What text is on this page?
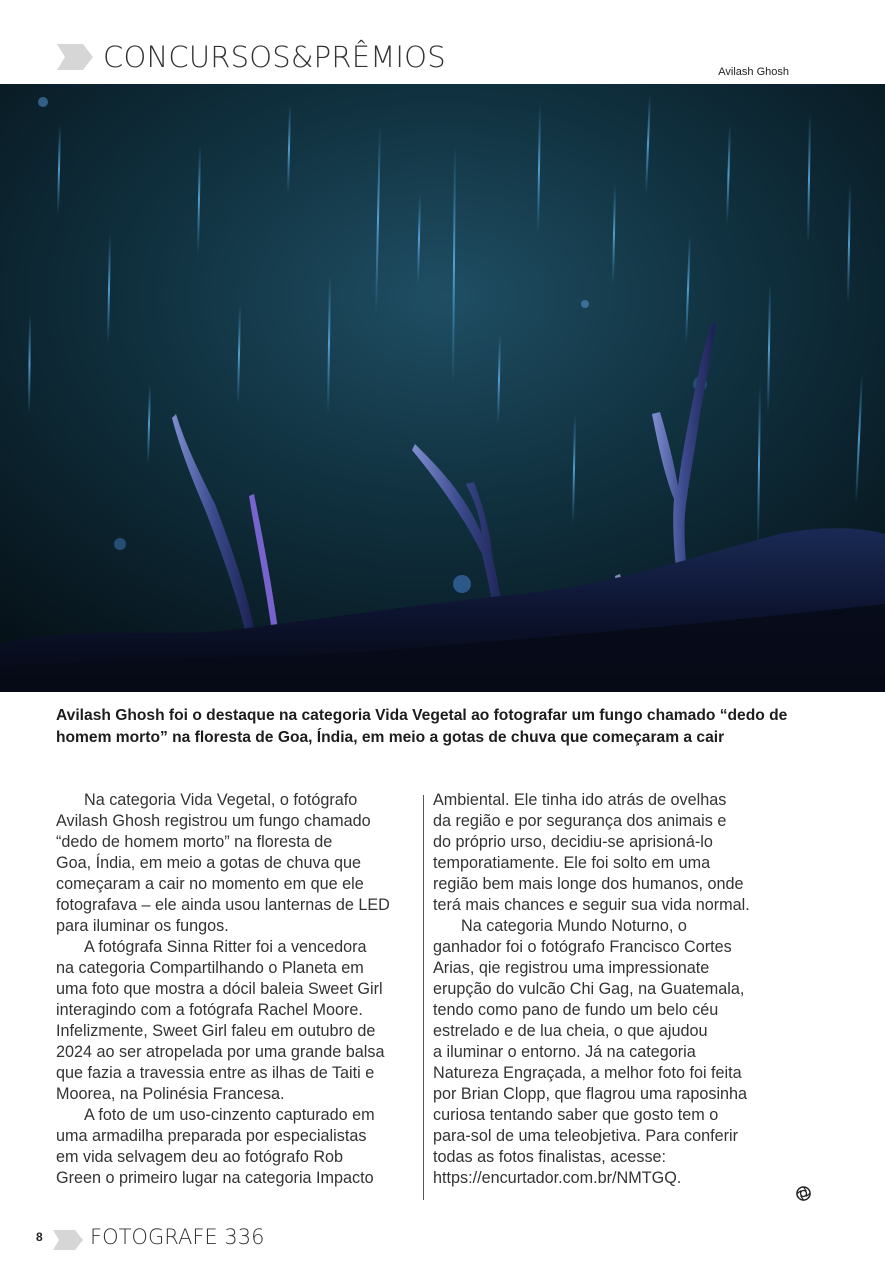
CONCURSOS&PRÊMIOS	Avilash Ghosh

Avilash Ghosh foi o destaque na categoria Vida Vegetal ao fotografar um fungo chamado “dedo de homem morto” na floresta de Goa, Índia, em meio a gotas de chuva que começaram a cair

Na categoria Vida Vegetal, o fotógrafo

Avilash Ghosh registrou um fungo chamado

“dedo de homem morto” na floresta de

Goa, Índia, em meio a gotas de chuva que

começaram a cair no momento em que ele

fotografava – ele ainda usou lanternas de LED

para iluminar os fungos.

A fotógrafa Sinna Ritter foi a vencedora

na categoria Compartilhando o Planeta em

uma foto que mostra a dócil baleia Sweet Girl

interagindo com a fotógrafa Rachel Moore.

Infelizmente, Sweet Girl faleu em outubro de

2024 ao ser atropelada por uma grande balsa

que fazia a travessia entre as ilhas de Taiti e

Moorea, na Polinésia Francesa.

A foto de um uso-cinzento capturado em

uma armadilha preparada por especialistas

em vida selvagem deu ao fotógrafo Rob

Green o primeiro lugar na categoria Impacto

Ambiental. Ele tinha ido atrás de ovelhas

da região e por segurança dos animais e

do próprio urso, decidiu-se aprisioná-lo

temporatiamente. Ele foi solto em uma

região bem mais longe dos humanos, onde

terá mais chances e seguir sua vida normal.

Na categoria Mundo Noturno, o

ganhador foi o fotógrafo Francisco Cortes

Arias, qie registrou uma impressionate

erupção do vulcão Chi Gag, na Guatemala,

tendo como pano de fundo um belo céu

estrelado e de lua cheia, o que ajudou

a iluminar o entorno. Já na categoria

Natureza Engraçada, a melhor foto foi feita

por Brian Clopp, que flagrou uma raposinha

curiosa tentando saber que gosto tem o

para-sol de uma teleobjetiva. Para conferir

todas as fotos finalistas, acesse:

https://encurtador.com.br/NMTGQ.

8 FOTOGRAFE 336
